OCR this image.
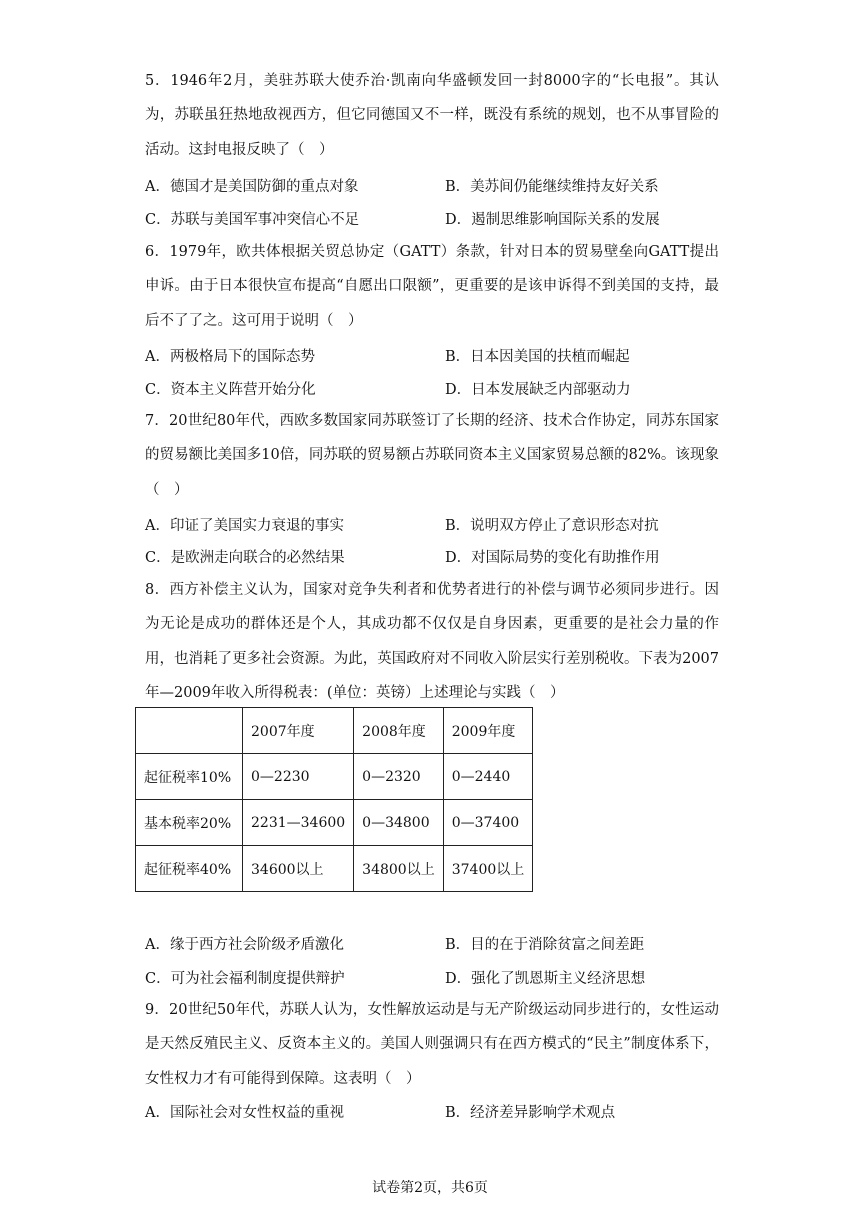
5．1946年2月，美驻苏联大使乔治·凯南向华盛顿发回一封8000字的“长电报”。其认为，苏联虽狂热地敌视西方，但它同德国又不一样，既没有系统的规划，也不从事冒险的活动。这封电报反映了（　）
A．德国才是美国防御的重点对象	B．美苏间仍能继续维持友好关系
C．苏联与美国军事冲突信心不足	D．遏制思维影响国际关系的发展
6．1979年，欧共体根据关贸总协定（GATT）条款，针对日本的贸易壁垒向GATT提出申诉。由于日本很快宣布提高“自愿出口限额”，更重要的是该申诉得不到美国的支持，最后不了了之。这可用于说明（　）
A．两极格局下的国际态势	B．日本因美国的扶植而崛起
C．资本主义阵营开始分化	D．日本发展缺乏内部驱动力
7．20世纪80年代，西欧多数国家同苏联签订了长期的经济、技术合作协定，同苏东国家的贸易额比美国多10倍，同苏联的贸易额占苏联同资本主义国家贸易总额的82%。该现象（　）
A．印证了美国实力衰退的事实	B．说明双方停止了意识形态对抗
C．是欧洲走向联合的必然结果	D．对国际局势的变化有助推作用
8．西方补偿主义认为，国家对竞争失利者和优势者进行的补偿与调节必须同步进行。因为无论是成功的群体还是个人，其成功都不仅仅是自身因素，更重要的是社会力量的作用，也消耗了更多社会资源。为此，英国政府对不同收入阶层实行差别税收。下表为2007年—2009年收入所得税表：(单位：英镑）上述理论与实践（　）
	2007年度	2008年度	2009年度
起征税率10%	0—2230	0—2320	0—2440
基本税率20%	2231—34600	0—34800	0—37400
起征税率40%	34600以上	34800以上	37400以上
A．缘于西方社会阶级矛盾激化	B．目的在于消除贫富之间差距
C．可为社会福利制度提供辩护	D．强化了凯恩斯主义经济思想
9．20世纪50年代，苏联人认为，女性解放运动是与无产阶级运动同步进行的，女性运动是天然反殖民主义、反资本主义的。美国人则强调只有在西方模式的“民主”制度体系下，女性权力才有可能得到保障。这表明（　）
A．国际社会对女性权益的重视	B．经济差异影响学术观点
试卷第2页，共6页
